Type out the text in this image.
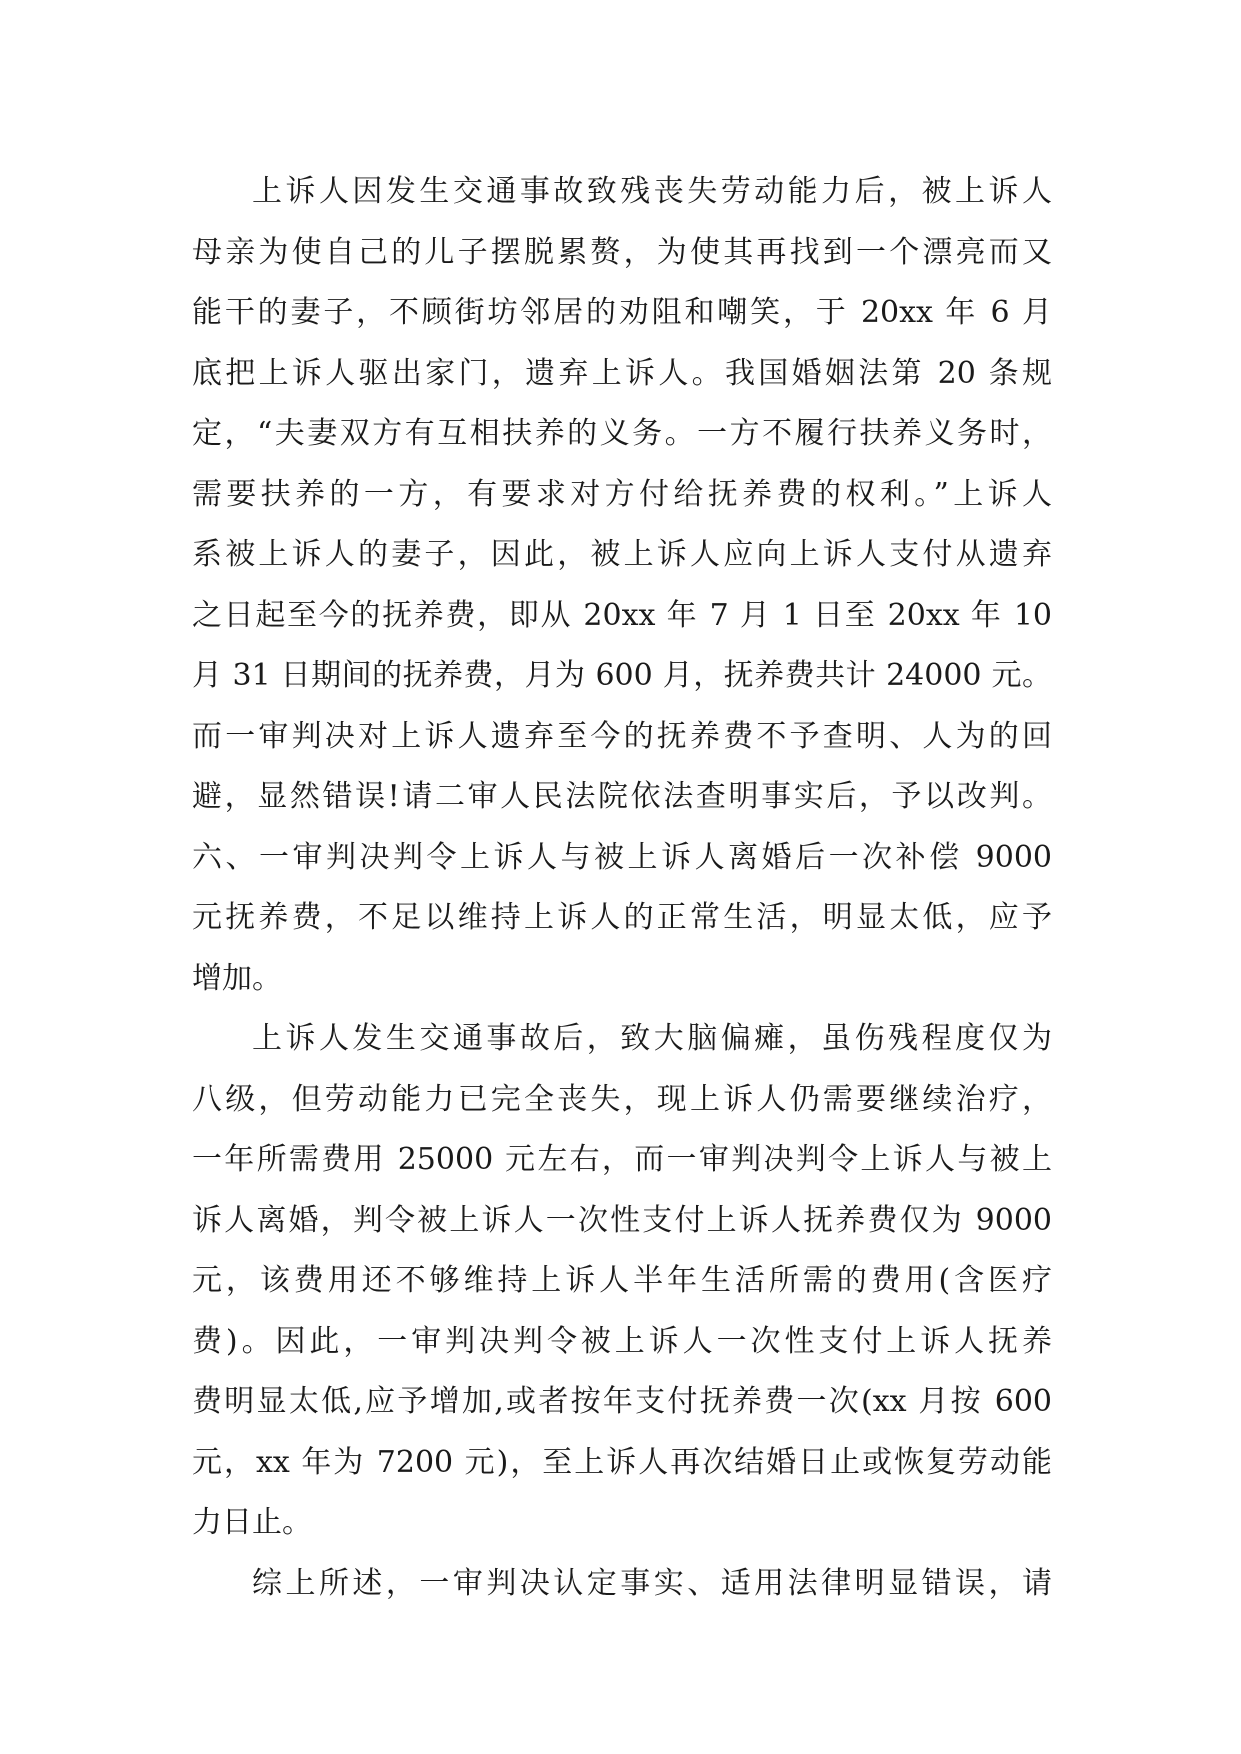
上诉人因发生交通事故致残丧失劳动能力后，被上诉人
母亲为使自己的儿子摆脱累赘，为使其再找到一个漂亮而又
能干的妻子，不顾街坊邻居的劝阻和嘲笑，于 20xx 年 6 月
底把上诉人驱出家门，遗弃上诉人。我国婚姻法第 20 条规
定，“夫妻双方有互相扶养的义务。一方不履行扶养义务时，
需要扶养的一方，有要求对方付给抚养费的权利。”上诉人
系被上诉人的妻子，因此，被上诉人应向上诉人支付从遗弃
之日起至今的抚养费，即从 20xx 年 7 月 1 日至 20xx 年 10
月 31 日期间的抚养费，月为 600 月，抚养费共计 24000 元。
而一审判决对上诉人遗弃至今的抚养费不予查明、人为的回
避，显然错误!请二审人民法院依法查明事实后，予以改判。
六、一审判决判令上诉人与被上诉人离婚后一次补偿 9000
元抚养费，不足以维持上诉人的正常生活，明显太低，应予
增加。
上诉人发生交通事故后，致大脑偏瘫，虽伤残程度仅为
八级，但劳动能力已完全丧失，现上诉人仍需要继续治疗，
一年所需费用 25000 元左右，而一审判决判令上诉人与被上
诉人离婚，判令被上诉人一次性支付上诉人抚养费仅为 9000
元，该费用还不够维持上诉人半年生活所需的费用(含医疗
费)。因此，一审判决判令被上诉人一次性支付上诉人抚养
费明显太低,应予增加,或者按年支付抚养费一次(xx 月按 600
元，xx 年为 7200 元)，至上诉人再次结婚日止或恢复劳动能
力日止。
综上所述，一审判决认定事实、适用法律明显错误，请
